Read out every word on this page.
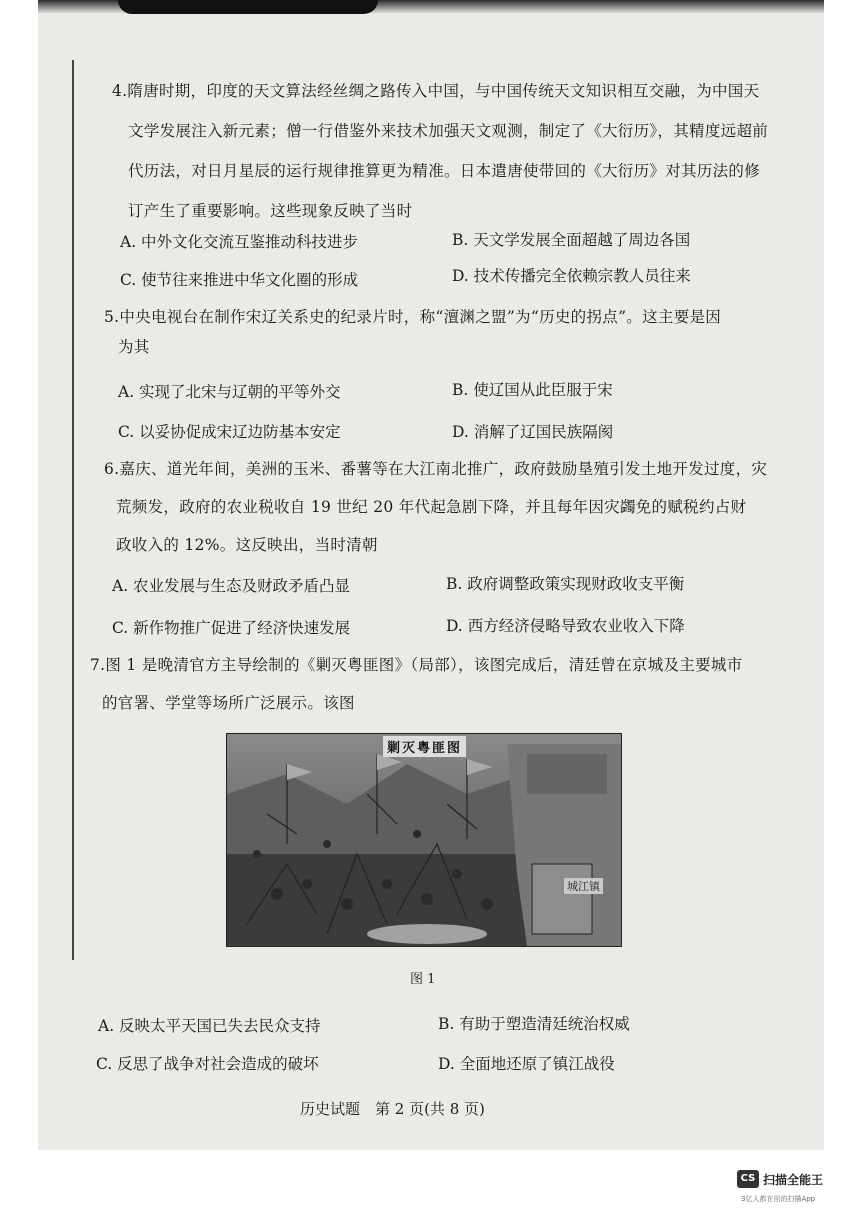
4.隋唐时期，印度的天文算法经丝绸之路传入中国，与中国传统天文知识相互交融，为中国天
文学发展注入新元素；僧一行借鉴外来技术加强天文观测，制定了《大衍历》，其精度远超前
代历法，对日月星辰的运行规律推算更为精准。日本遣唐使带回的《大衍历》对其历法的修
订产生了重要影响。这些现象反映了当时
A. 中外文化交流互鉴推动科技进步	B. 天文学发展全面超越了周边各国
C. 使节往来推进中华文化圈的形成	D. 技术传播完全依赖宗教人员往来
5.中央电视台在制作宋辽关系史的纪录片时，称“澶渊之盟”为“历史的拐点”。这主要是因
为其
A. 实现了北宋与辽朝的平等外交	B. 使辽国从此臣服于宋
C. 以妥协促成宋辽边防基本安定	D. 消解了辽国民族隔阂
6.嘉庆、道光年间，美洲的玉米、番薯等在大江南北推广，政府鼓励垦殖引发土地开发过度，灾
荒频发，政府的农业税收自 19 世纪 20 年代起急剧下降，并且每年因灾蠲免的赋税约占财
政收入的 12%。这反映出，当时清朝
A. 农业发展与生态及财政矛盾凸显	B. 政府调整政策实现财政收支平衡
C. 新作物推广促进了经济快速发展	D. 西方经济侵略导致农业收入下降
7.图 1 是晚清官方主导绘制的《剿灭粤匪图》（局部），该图完成后，清廷曾在京城及主要城市
的官署、学堂等场所广泛展示。该图
剿灭粤匪图
城江镇
图 1
A. 反映太平天国已失去民众支持	B. 有助于塑造清廷统治权威
C. 反思了战争对社会造成的破坏	D. 全面地还原了镇江战役
历史试题　第 2 页(共 8 页)
CS 扫描全能王
3亿人都在用的扫描App
